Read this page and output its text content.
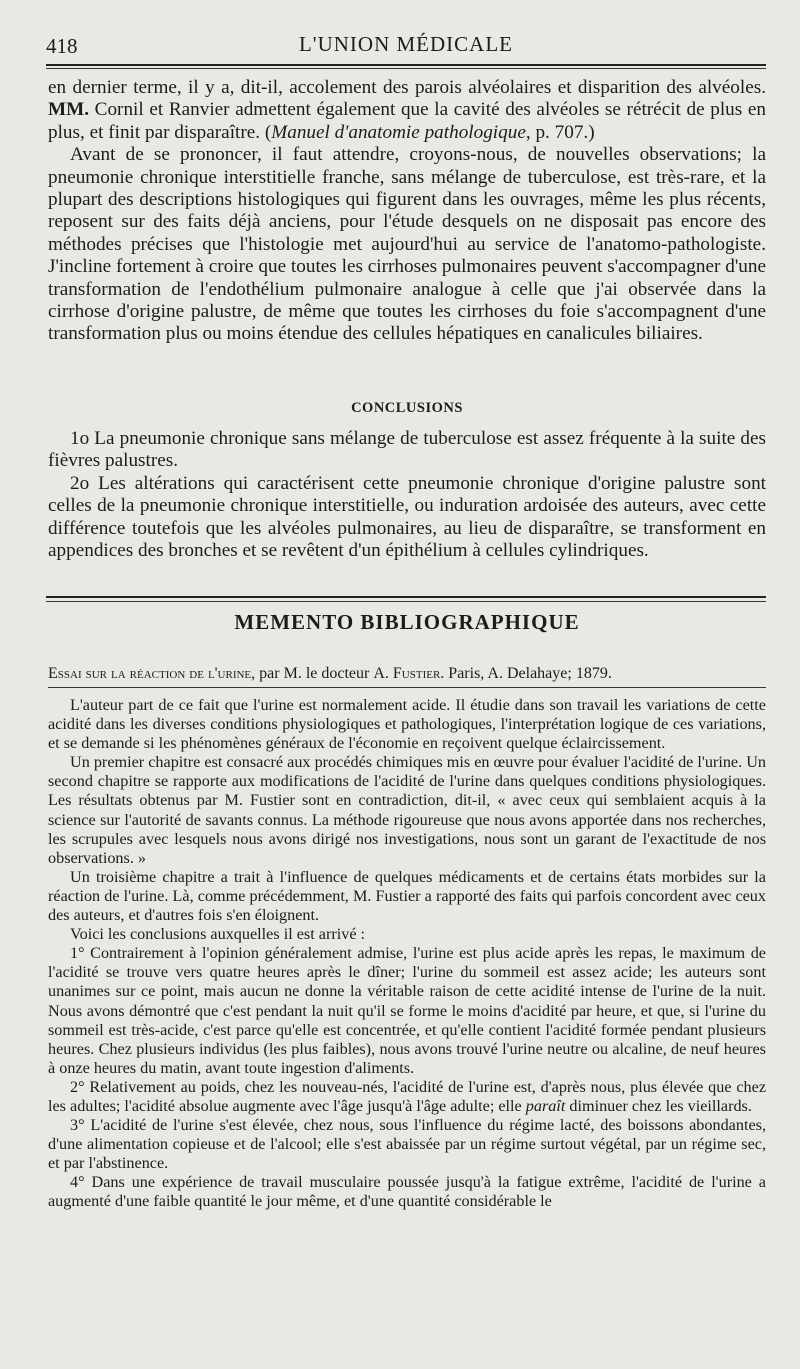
418	L'UNION MÉDICALE

en dernier terme, il y a, dit-il, accolement des parois alvéolaires et disparition des alvéoles. MM. Cornil et Ranvier admettent également que la cavité des alvéoles se rétrécit de plus en plus, et finit par disparaître. (Manuel d'anatomie pathologique, p. 707.)

Avant de se prononcer, il faut attendre, croyons-nous, de nouvelles observations; la pneumonie chronique interstitielle franche, sans mélange de tuberculose, est très-rare, et la plupart des descriptions histologiques qui figurent dans les ouvrages, même les plus récents, reposent sur des faits déjà anciens, pour l'étude desquels on ne disposait pas encore des méthodes précises que l'histologie met aujourd'hui au service de l'anatomo-pathologiste. J'incline fortement à croire que toutes les cirrhoses pulmonaires peuvent s'accompagner d'une transformation de l'endothélium pulmonaire analogue à celle que j'ai observée dans la cirrhose d'origine palustre, de même que toutes les cirrhoses du foie s'accompagnent d'une transformation plus ou moins étendue des cellules hépatiques en canalicules biliaires.

CONCLUSIONS

1o La pneumonie chronique sans mélange de tuberculose est assez fréquente à la suite des fièvres palustres.

2o Les altérations qui caractérisent cette pneumonie chronique d'origine palustre sont celles de la pneumonie chronique interstitielle, ou induration ardoisée des auteurs, avec cette différence toutefois que les alvéoles pulmonaires, au lieu de disparaître, se transforment en appendices des bronches et se revêtent d'un épithélium à cellules cylindriques.

MEMENTO BIBLIOGRAPHIQUE
Essai sur la réaction de l'urine, par M. le docteur A. Fustier. Paris, A. Delahaye; 1879.

L'auteur part de ce fait que l'urine est normalement acide. Il étudie dans son travail les variations de cette acidité dans les diverses conditions physiologiques et pathologiques, l'interprétation logique de ces variations, et se demande si les phénomènes généraux de l'économie en reçoivent quelque éclaircissement.

Un premier chapitre est consacré aux procédés chimiques mis en œuvre pour évaluer l'acidité de l'urine. Un second chapitre se rapporte aux modifications de l'acidité de l'urine dans quelques conditions physiologiques. Les résultats obtenus par M. Fustier sont en contradiction, dit-il, « avec ceux qui semblaient acquis à la science sur l'autorité de savants connus. La méthode rigoureuse que nous avons apportée dans nos recherches, les scrupules avec lesquels nous avons dirigé nos investigations, nous sont un garant de l'exactitude de nos observations. »

Un troisième chapitre a trait à l'influence de quelques médicaments et de certains états morbides sur la réaction de l'urine. Là, comme précédemment, M. Fustier a rapporté des faits qui parfois concordent avec ceux des auteurs, et d'autres fois s'en éloignent.

Voici les conclusions auxquelles il est arrivé :

1° Contrairement à l'opinion généralement admise, l'urine est plus acide après les repas, le maximum de l'acidité se trouve vers quatre heures après le dîner; l'urine du sommeil est assez acide; les auteurs sont unanimes sur ce point, mais aucun ne donne la véritable raison de cette acidité intense de l'urine de la nuit. Nous avons démontré que c'est pendant la nuit qu'il se forme le moins d'acidité par heure, et que, si l'urine du sommeil est très-acide, c'est parce qu'elle est concentrée, et qu'elle contient l'acidité formée pendant plusieurs heures. Chez plusieurs individus (les plus faibles), nous avons trouvé l'urine neutre ou alcaline, de neuf heures à onze heures du matin, avant toute ingestion d'aliments.

2° Relativement au poids, chez les nouveau-nés, l'acidité de l'urine est, d'après nous, plus élevée que chez les adultes; l'acidité absolue augmente avec l'âge jusqu'à l'âge adulte; elle paraît diminuer chez les vieillards.

3° L'acidité de l'urine s'est élevée, chez nous, sous l'influence du régime lacté, des boissons abondantes, d'une alimentation copieuse et de l'alcool; elle s'est abaissée par un régime surtout végétal, par un régime sec, et par l'abstinence.

4° Dans une expérience de travail musculaire poussée jusqu'à la fatigue extrême, l'acidité de l'urine a augmenté d'une faible quantité le jour même, et d'une quantité considérable le
